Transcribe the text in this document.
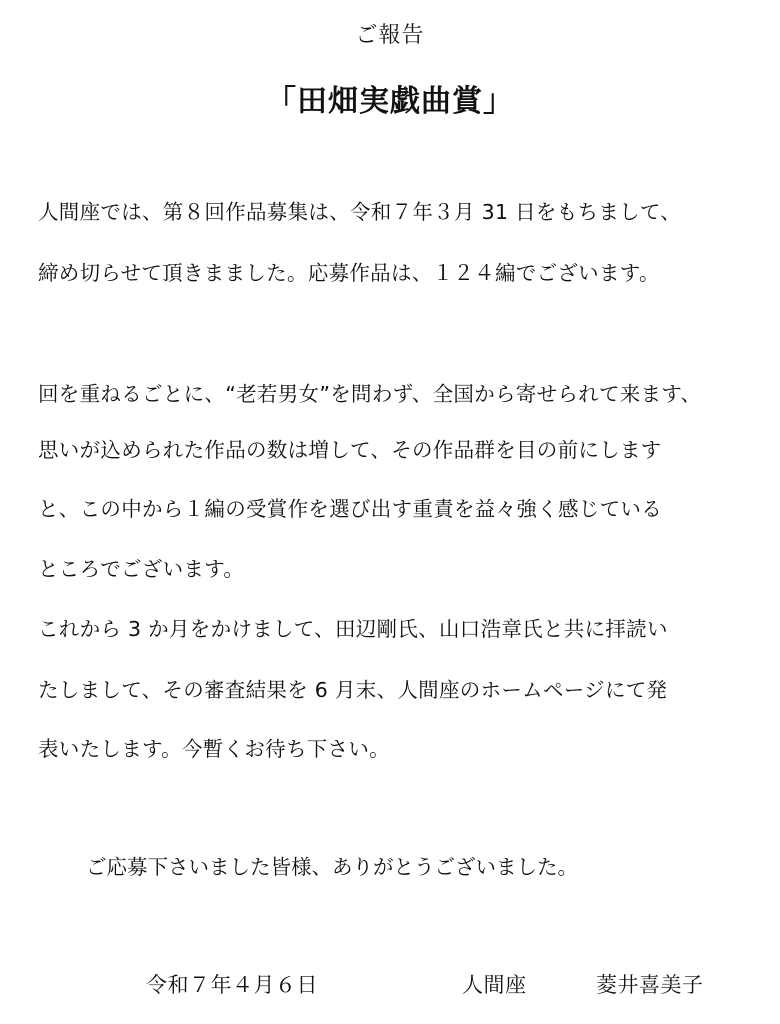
ご報告
「田畑実戯曲賞」
人間座では、第８回作品募集は、令和７年３月 31 日をもちまして、
締め切らせて頂きまました。応募作品は、１２４編でございます。
回を重ねるごとに、“老若男女”を問わず、全国から寄せられて来ます、
思いが込められた作品の数は増して、その作品群を目の前にします
と、この中から１編の受賞作を選び出す重責を益々強く感じている
ところでございます。
これから 3 か月をかけまして、田辺剛氏、山口浩章氏と共に拝読い
たしまして、その審査結果を 6 月末、人間座のホームページにて発
表いたします。今暫くお待ち下さい。
ご応募下さいました皆様、ありがとうございました。
令和７年４月６日	人間座	菱井喜美子
